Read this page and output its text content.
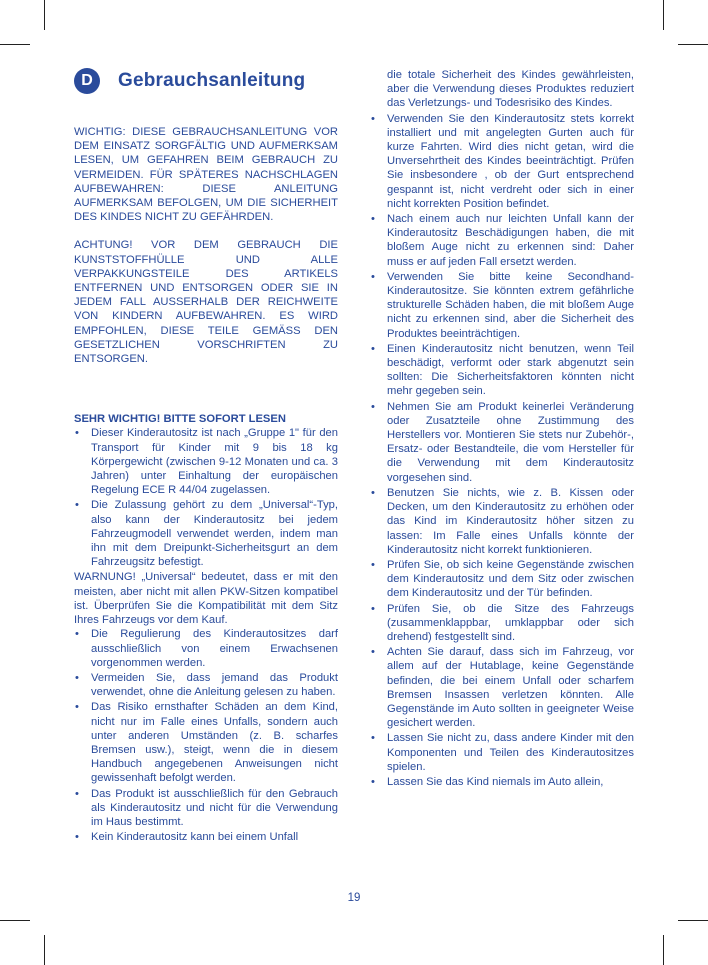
D	Gebrauchsanleitung

WICHTIG: DIESE GEBRAUCHSANLEITUNG VOR DEM EINSATZ SORGFÄLTIG UND AUFMERKSAM LESEN, UM GEFAHREN BEIM GEBRAUCH ZU VERMEIDEN. FÜR SPÄTERES NACHSCHLAGEN AUFBEWAHREN: DIESE ANLEITUNG AUFMERKSAM BEFOLGEN, UM DIE SICHERHEIT DES KINDES NICHT ZU GEFÄHRDEN.

ACHTUNG! VOR DEM GEBRAUCH DIE KUNSTSTOFFHÜLLE UND ALLE VERPAKKUNGSTEILE DES ARTIKELS ENTFERNEN UND ENTSORGEN ODER SIE IN JEDEM FALL AUSSERHALB DER REICHWEITE VON KINDERN AUFBEWAHREN. ES WIRD EMPFOHLEN, DIESE TEILE GEMÄSS DEN GESETZLICHEN VORSCHRIFTEN ZU ENTSORGEN.

SEHR WICHTIG! BITTE SOFORT LESEN

• Dieser Kinderautositz ist nach „Gruppe 1" für den Transport für Kinder mit 9 bis 18 kg Körpergewicht (zwischen 9-12 Monaten und ca. 3 Jahren) unter Einhaltung der europäischen Regelung ECE R 44/04 zugelassen.
• Die Zulassung gehört zu dem „Universal“-Typ, also kann der Kinderautositz bei jedem Fahrzeugmodell verwendet werden, indem man ihn mit dem Dreipunkt-Sicherheitsgurt an dem Fahrzeugsitz befestigt.

WARNUNG! „Universal“ bedeutet, dass er mit den meisten, aber nicht mit allen PKW-Sitzen kompatibel ist. Überprüfen Sie die Kompatibilität mit dem Sitz Ihres Fahrzeugs vor dem Kauf.

• Die Regulierung des Kinderautositzes darf ausschließlich von einem Erwachsenen vorgenommen werden.
• Vermeiden Sie, dass jemand das Produkt verwendet, ohne die Anleitung gelesen zu haben.
• Das Risiko ernsthafter Schäden an dem Kind, nicht nur im Falle eines Unfalls, sondern auch unter anderen Umständen (z. B. scharfes Bremsen usw.), steigt, wenn die in diesem Handbuch angegebenen Anweisungen nicht gewissenhaft befolgt werden.
• Das Produkt ist ausschließlich für den Gebrauch als Kinderautositz und nicht für die Verwendung im Haus bestimmt.
• Kein Kinderautositz kann bei einem Unfall

die totale Sicherheit des Kindes gewährleisten, aber die Verwendung dieses Produktes reduziert das Verletzungs- und Todesrisiko des Kindes.

• Verwenden Sie den Kinderautositz stets korrekt installiert und mit angelegten Gurten auch für kurze Fahrten. Wird dies nicht getan, wird die Unversehrtheit des Kindes beeinträchtigt. Prüfen Sie insbesondere , ob der Gurt entsprechend gespannt ist, nicht verdreht oder sich in einer nicht korrekten Position befindet.
• Nach einem auch nur leichten Unfall kann der Kinderautositz Beschädigungen haben, die mit bloßem Auge nicht zu erkennen sind: Daher muss er auf jeden Fall ersetzt werden.
• Verwenden Sie bitte keine Secondhand-Kinderautositze. Sie könnten extrem gefährliche strukturelle Schäden haben, die mit bloßem Auge nicht zu erkennen sind, aber die Sicherheit des Produktes beeinträchtigen.
• Einen Kinderautositz nicht benutzen, wenn Teil beschädigt, verformt oder stark abgenutzt sein sollten: Die Sicherheitsfaktoren könnten nicht mehr gegeben sein.
• Nehmen Sie am Produkt keinerlei Veränderung oder Zusatzteile ohne Zustimmung des Herstellers vor. Montieren Sie stets nur Zubehör-, Ersatz- oder Bestandteile, die vom Hersteller für die Verwendung mit dem Kinderautositz vorgesehen sind.
• Benutzen Sie nichts, wie z. B. Kissen oder Decken, um den Kinderautositz zu erhöhen oder das Kind im Kinderautositz höher sitzen zu lassen: Im Falle eines Unfalls könnte der Kinderautositz nicht korrekt funktionieren.
• Prüfen Sie, ob sich keine Gegenstände zwischen dem Kinderautositz und dem Sitz oder zwischen dem Kinderautositz und der Tür befinden.
• Prüfen Sie, ob die Sitze des Fahrzeugs (zusammenklappbar, umklappbar oder sich drehend) festgestellt sind.
• Achten Sie darauf, dass sich im Fahrzeug, vor allem auf der Hutablage, keine Gegenstände befinden, die bei einem Unfall oder scharfem Bremsen Insassen verletzen könnten. Alle Gegenstände im Auto sollten in geeigneter Weise gesichert werden.
• Lassen Sie nicht zu, dass andere Kinder mit den Komponenten und Teilen des Kinderautositzes spielen.
• Lassen Sie das Kind niemals im Auto allein,
19
